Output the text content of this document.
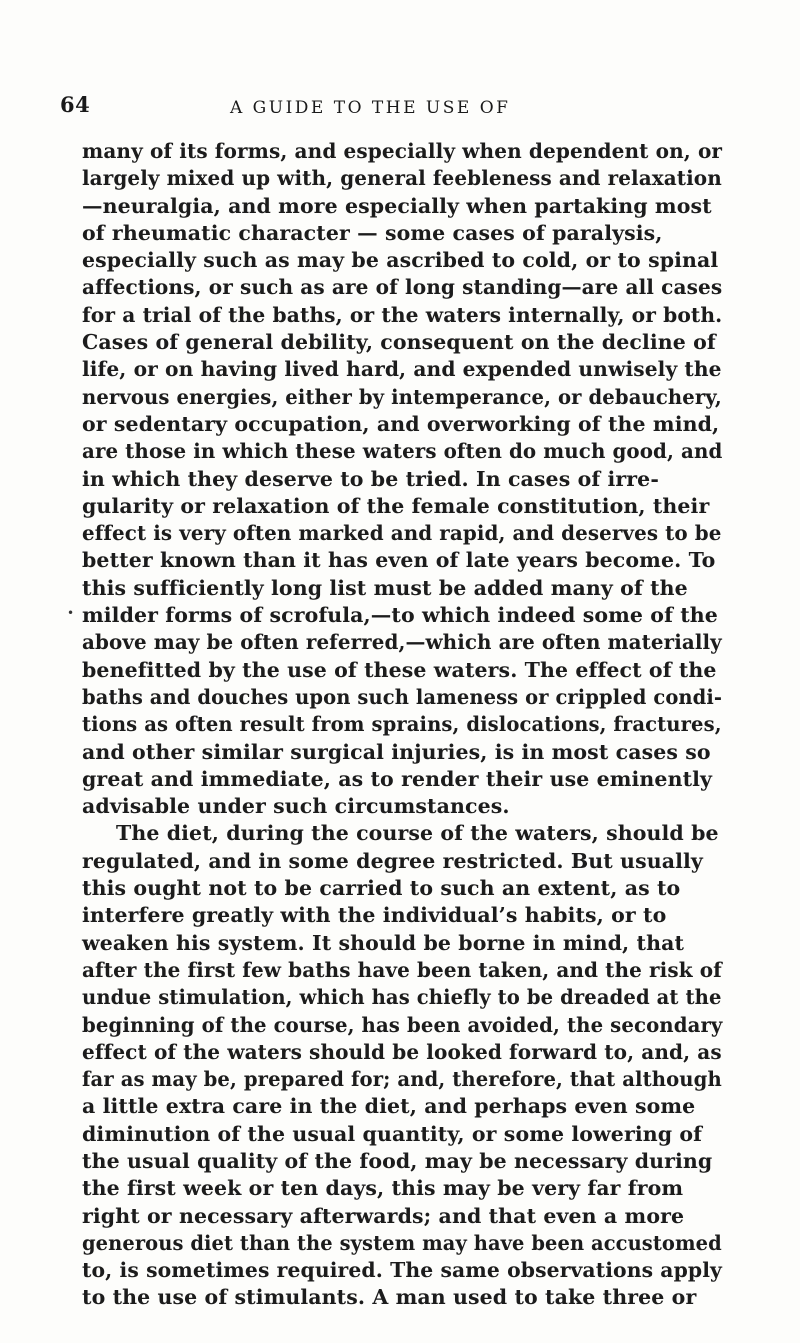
64	A GUIDE TO THE USE OF
•
many of its forms, and especially when dependent on, or
largely mixed up with, general feebleness and relaxation
—neuralgia, and more especially when partaking most
of rheumatic character — some cases of paralysis,
especially such as may be ascribed to cold, or to spinal
affections, or such as are of long standing—are all cases
for a trial of the baths, or the waters internally, or both.
Cases of general debility, consequent on the decline of
life, or on having lived hard, and expended unwisely the
nervous energies, either by intemperance, or debauchery,
or sedentary occupation, and overworking of the mind,
are those in which these waters often do much good, and
in which they deserve to be tried. In cases of irre-
gularity or relaxation of the female constitution, their
effect is very often marked and rapid, and deserves to be
better known than it has even of late years become. To
this sufficiently long list must be added many of the
milder forms of scrofula,—to which indeed some of the
above may be often referred,—which are often materially
benefitted by the use of these waters. The effect of the
baths and douches upon such lameness or crippled condi-
tions as often result from sprains, dislocations, fractures,
and other similar surgical injuries, is in most cases so
great and immediate, as to render their use eminently
advisable under such circumstances.
The diet, during the course of the waters, should be
regulated, and in some degree restricted. But usually
this ought not to be carried to such an extent, as to
interfere greatly with the individual’s habits, or to
weaken his system. It should be borne in mind, that
after the first few baths have been taken, and the risk of
undue stimulation, which has chiefly to be dreaded at the
beginning of the course, has been avoided, the secondary
effect of the waters should be looked forward to, and, as
far as may be, prepared for; and, therefore, that although
a little extra care in the diet, and perhaps even some
diminution of the usual quantity, or some lowering of
the usual quality of the food, may be necessary during
the first week or ten days, this may be very far from
right or necessary afterwards; and that even a more
generous diet than the system may have been accustomed
to, is sometimes required. The same observations apply
to the use of stimulants. A man used to take three or
